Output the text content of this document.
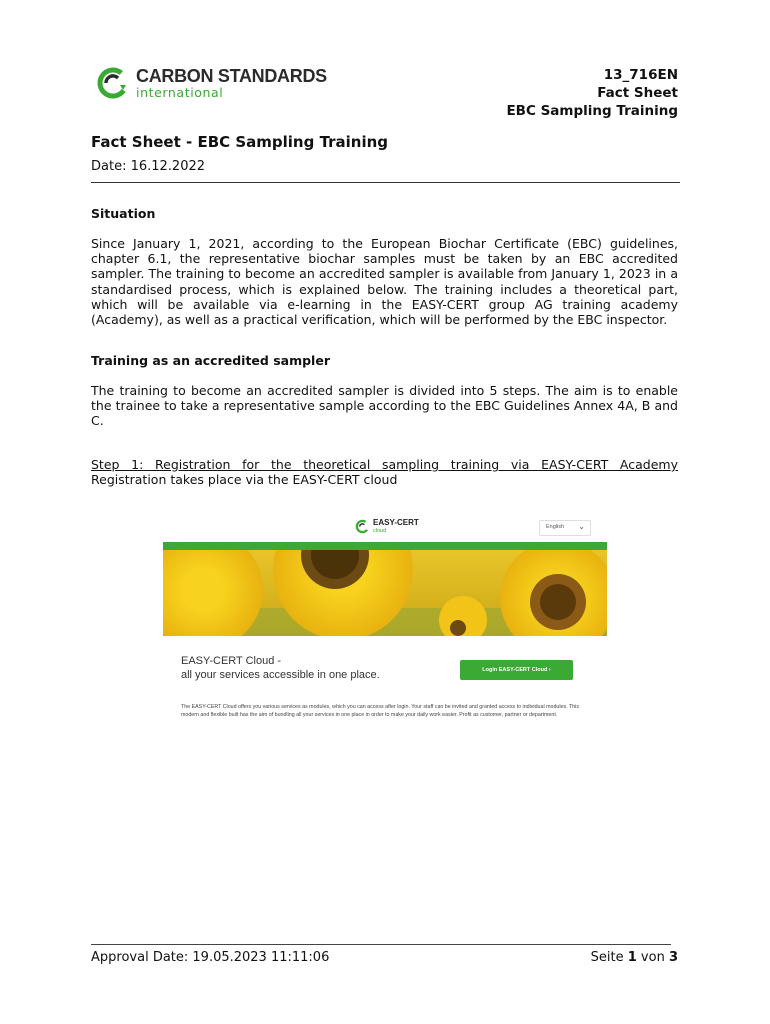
CARBON STANDARDS
international
13_716EN
Fact Sheet
EBC Sampling Training
Fact Sheet - EBC Sampling Training
Date: 16.12.2022
Situation
Since January 1, 2021, according to the European Biochar Certificate (EBC) guidelines, chapter 6.1, the representative biochar samples must be taken by an EBC accredited sampler. The training to become an accredited sampler is available from January 1, 2023 in a standardised process, which is explained below. The training includes a theoretical part, which will be available via e-learning in the EASY-CERT group AG training academy (Academy), as well as a practical verification, which will be performed by the EBC inspector.
Training as an accredited sampler
The training to become an accredited sampler is divided into 5 steps. The aim is to enable the trainee to take a representative sample according to the EBC Guidelines Annex 4A, B and C.
Step 1: Registration for the theoretical sampling training via EASY-CERT Academy
Registration takes place via the EASY-CERT cloud
EASY-CERT
cloud
English ⌄
EASY-CERT Cloud -
all your services accessible in one place.	Login EASY-CERT Cloud ›
The EASY-CERT Cloud offers you various services as modules, which you can access after login. Your staff can be invited and granted access to individual modules. This modern and flexible built has the aim of bundling all your services in one place in order to make your daily work easier. Profit as customer, partner or department.
Approval Date: 19.05.2023 11:11:06	Seite 1 von 3
